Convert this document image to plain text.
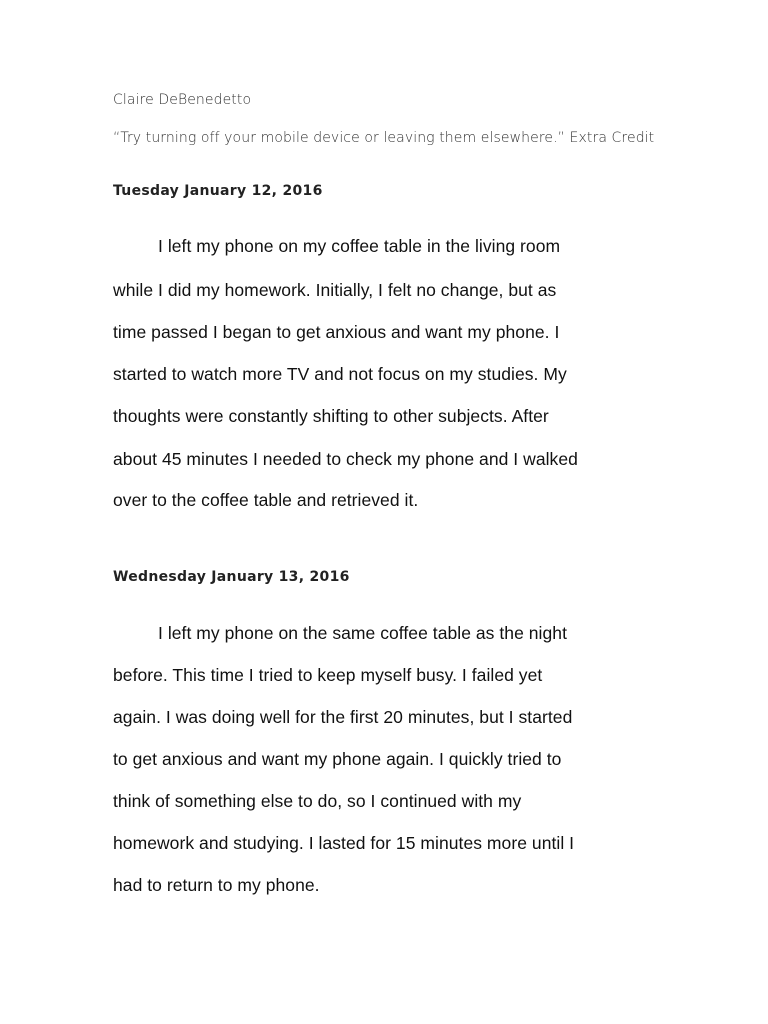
Claire DeBenedetto
“Try turning off your mobile device or leaving them elsewhere.” Extra Credit
Tuesday January 12, 2016
I left my phone on my coffee table in the living room
while I did my homework. Initially, I felt no change, but as
time passed I began to get anxious and want my phone. I
started to watch more TV and not focus on my studies. My
thoughts were constantly shifting to other subjects. After
about 45 minutes I needed to check my phone and I walked
over to the coffee table and retrieved it.
Wednesday January 13, 2016
I left my phone on the same coffee table as the night
before. This time I tried to keep myself busy. I failed yet
again. I was doing well for the first 20 minutes, but I started
to get anxious and want my phone again. I quickly tried to
think of something else to do, so I continued with my
homework and studying. I lasted for 15 minutes more until I
had to return to my phone.
